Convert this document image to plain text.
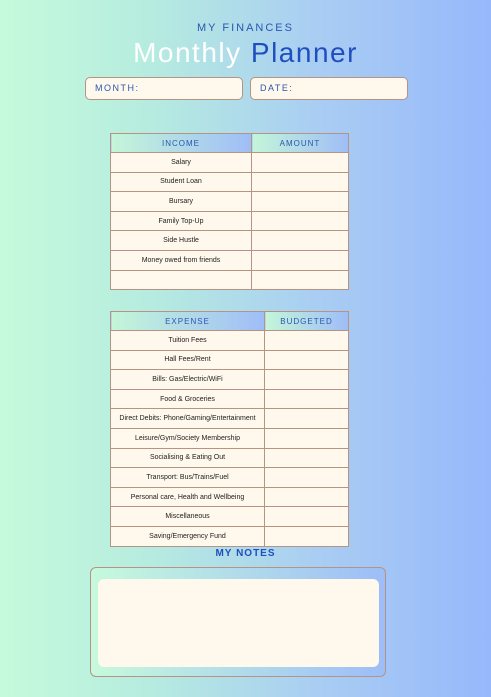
MY FINANCES
Monthly Planner
MONTH:	DATE:
INCOME	AMOUNT
Salary	
Student Loan	
Bursary	
Family Top-Up	
Side Hustle	
Money owed from friends	

EXPENSE	BUDGETED
Tuition Fees	
Hall Fees/Rent	
Bills: Gas/Electric/WiFi	
Food & Groceries	
Direct Debits: Phone/Gaming/Entertainment	
Leisure/Gym/Society Membership	
Socialising & Eating Out	
Transport: Bus/Trains/Fuel	
Personal care, Health and Wellbeing	
Miscellaneous	
Saving/Emergency Fund	
MY NOTES
